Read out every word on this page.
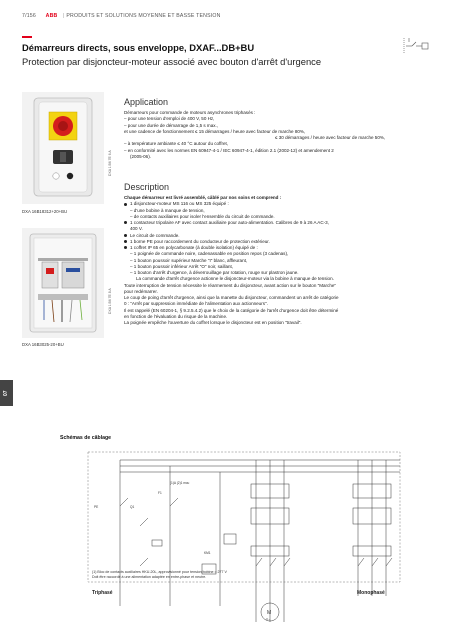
7/156 ABB | PRODUITS ET SOLUTIONS MOYENNE ET BASSE TENSION
Démarreurs directs, sous enveloppe, DXAF...DB+BU
Protection par disjoncteur-moteur associé avec bouton d'arrêt d'urgence
DXA 1 B6 7E 6 A
DXA 16B18312+20+BU
DXA 1 B6 7E 8 A
DXA 16B3025-20+BU
Application

Démarreurs pour commande de moteurs asynchrones triphasés :

– pour une tension d'emploi de 400 V, 50 Hz,

– pour une durée de démarrage de 1,5 s max.,

et une cadence de fonctionnement ≤ 15 démarrages / heure avec facteur de marche 80%,

≤ 30 démarrages / heure avec facteur de marche 50%,

– à température ambiante ≤ 40 °C autour du coffret,

– en conformité avec les normes EN 60947-4-1 / IEC 60947-4-1, édition 2.1 (2002-12) et amendement 2

(2005-06).

Description

Chaque démarreur est livré assemblé, câblé par nos soins et comprend :

1 disjoncteur-moteur MS 116 ou MS 325 équipé :

– d'une bobine à manque de tension,

– de contacts auxiliaires pour isoler l'ensemble du circuit de commande.

1 contacteur tripolaire AF avec contact auxiliaire pour auto-alimentation. Calibres de 9 à 26 A AC-3,

400 V.

Le circuit de commande.

1 borne PE pour raccordement du conducteur de protection extérieur.

1 coffret IP 65 en polycarbonate (à double isolation) équipé de :

– 1 poignée de commande noire, cadenassable en position repos (3 cadenas),

– 1 bouton poussoir supérieur Marche "I" blanc, affleurant,

– 1 bouton poussoir inférieur Arrêt "O" noir, saillant,

– 1 bouton d'arrêt d'urgence, à déverrouillage par rotation, rouge sur plastron jaune.

La commande d'arrêt d'urgence actionne le disjoncteur-moteur via la bobine à manque de tension.

Toute interruption de tension nécessite le réarmement du disjoncteur, avant action sur le bouton "Marche"

pour redémarrer.

Le coup de poing d'arrêt d'urgence, ainsi que la manette du disjoncteur, commandent un arrêt de catégorie

0 : "Arrêt par suppression immédiate de l'alimentation aux actionneurs".

Il est rappelé (EN 60204-1, § 9.2.5.4.2) que le choix de la catégorie de l'arrêt d'urgence doit être déterminé

en fonction de l'évaluation du risque de la machine.

La poignée empêche l'ouverture du coffret lorsque le disjoncteur est en position "travail".

07
Schémas de câblage
(1)A (2)1 mcu
F1
Q1
PE
KM1
M
3 ~
(1) Bloc de contacts auxiliaires HKU-20L, approvisionné pour tension bobine = 277 V
Doit être raccordé à une alimentation adaptée en entre-phase et neutre.
Triphasé	Monophasé
